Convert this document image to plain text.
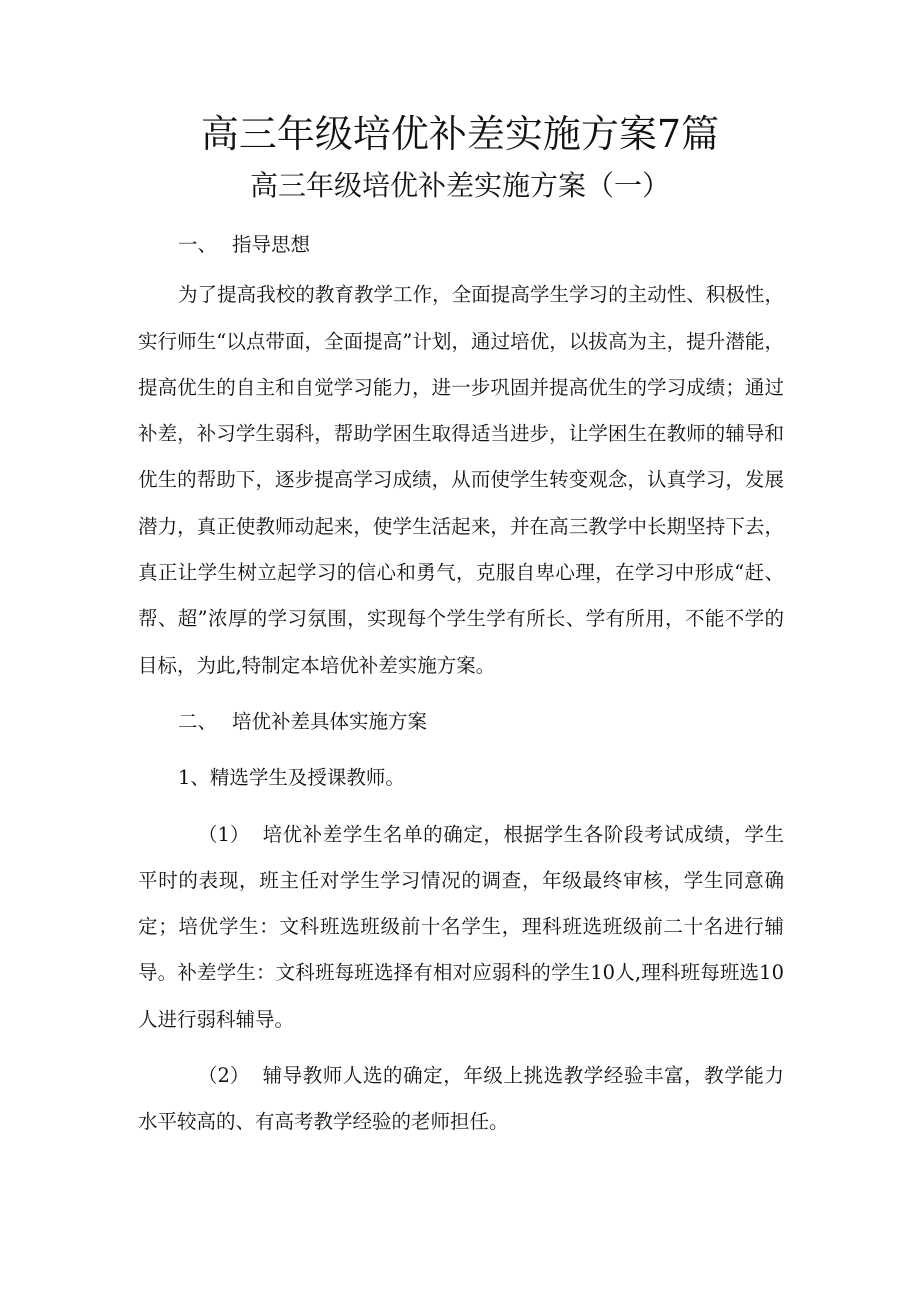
高三年级培优补差实施方案7篇
高三年级培优补差实施方案（一）

一、 指导思想

为了提高我校的教育教学工作，全面提高学生学习的主动性、积极性，实行师生“以点带面，全面提高”计划，通过培优，以拔高为主，提升潜能，提高优生的自主和自觉学习能力，进一步巩固并提高优生的学习成绩；通过补差，补习学生弱科，帮助学困生取得适当进步，让学困生在教师的辅导和优生的帮助下，逐步提高学习成绩，从而使学生转变观念，认真学习，发展潜力，真正使教师动起来，使学生活起来，并在高三教学中长期坚持下去，真正让学生树立起学习的信心和勇气，克服自卑心理，在学习中形成“赶、帮、超”浓厚的学习氛围，实现每个学生学有所长、学有所用，不能不学的目标，为此,特制定本培优补差实施方案。

二、 培优补差具体实施方案

1、精选学生及授课教师。

（1） 培优补差学生名单的确定，根据学生各阶段考试成绩，学生平时的表现，班主任对学生学习情况的调查，年级最终审核，学生同意确定；培优学生：文科班选班级前十名学生，理科班选班级前二十名进行辅导。补差学生：文科班每班选择有相对应弱科的学生10人,理科班每班选10人进行弱科辅导。

（2） 辅导教师人选的确定，年级上挑选教学经验丰富，教学能力水平较高的、有高考教学经验的老师担任。
